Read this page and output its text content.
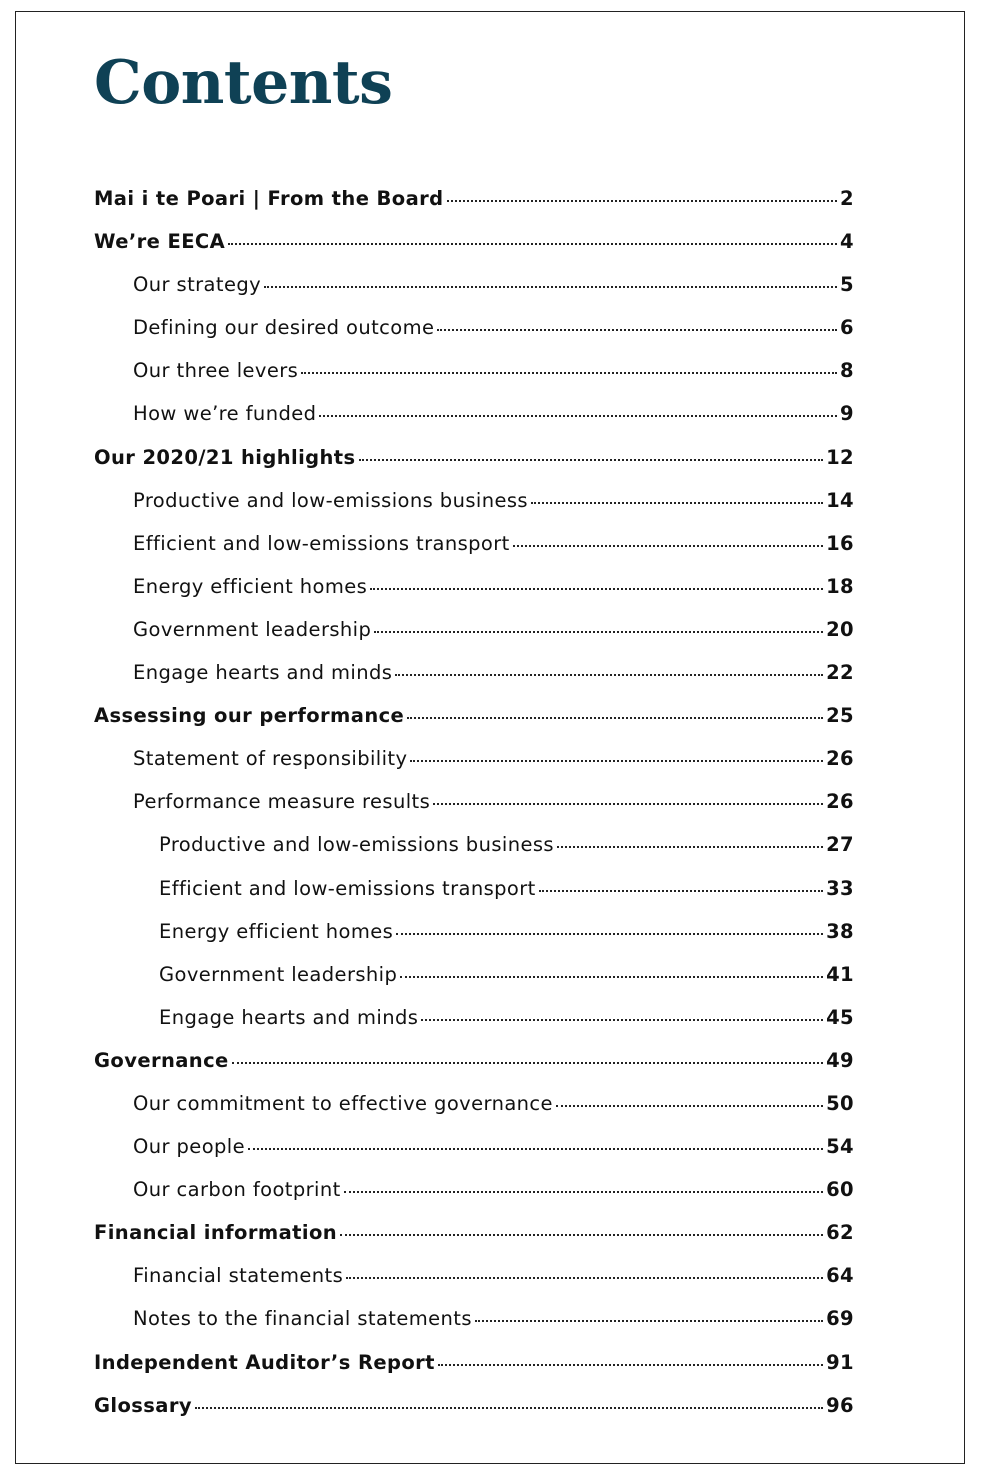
Contents
Mai i te Poari | From the Board	2
We’re EECA	4
Our strategy	5
Defining our desired outcome	6
Our three levers	8
How we’re funded	9
Our 2020/21 highlights	12
Productive and low-emissions business	14
Efficient and low-emissions transport	16
Energy efficient homes	18
Government leadership	20
Engage hearts and minds	22
Assessing our performance	25
Statement of responsibility	26
Performance measure results	26
Productive and low-emissions business	27
Efficient and low-emissions transport	33
Energy efficient homes	38
Government leadership	41
Engage hearts and minds	45
Governance	49
Our commitment to effective governance	50
Our people	54
Our carbon footprint	60
Financial information	62
Financial statements	64
Notes to the financial statements	69
Independent Auditor’s Report	91
Glossary	96
